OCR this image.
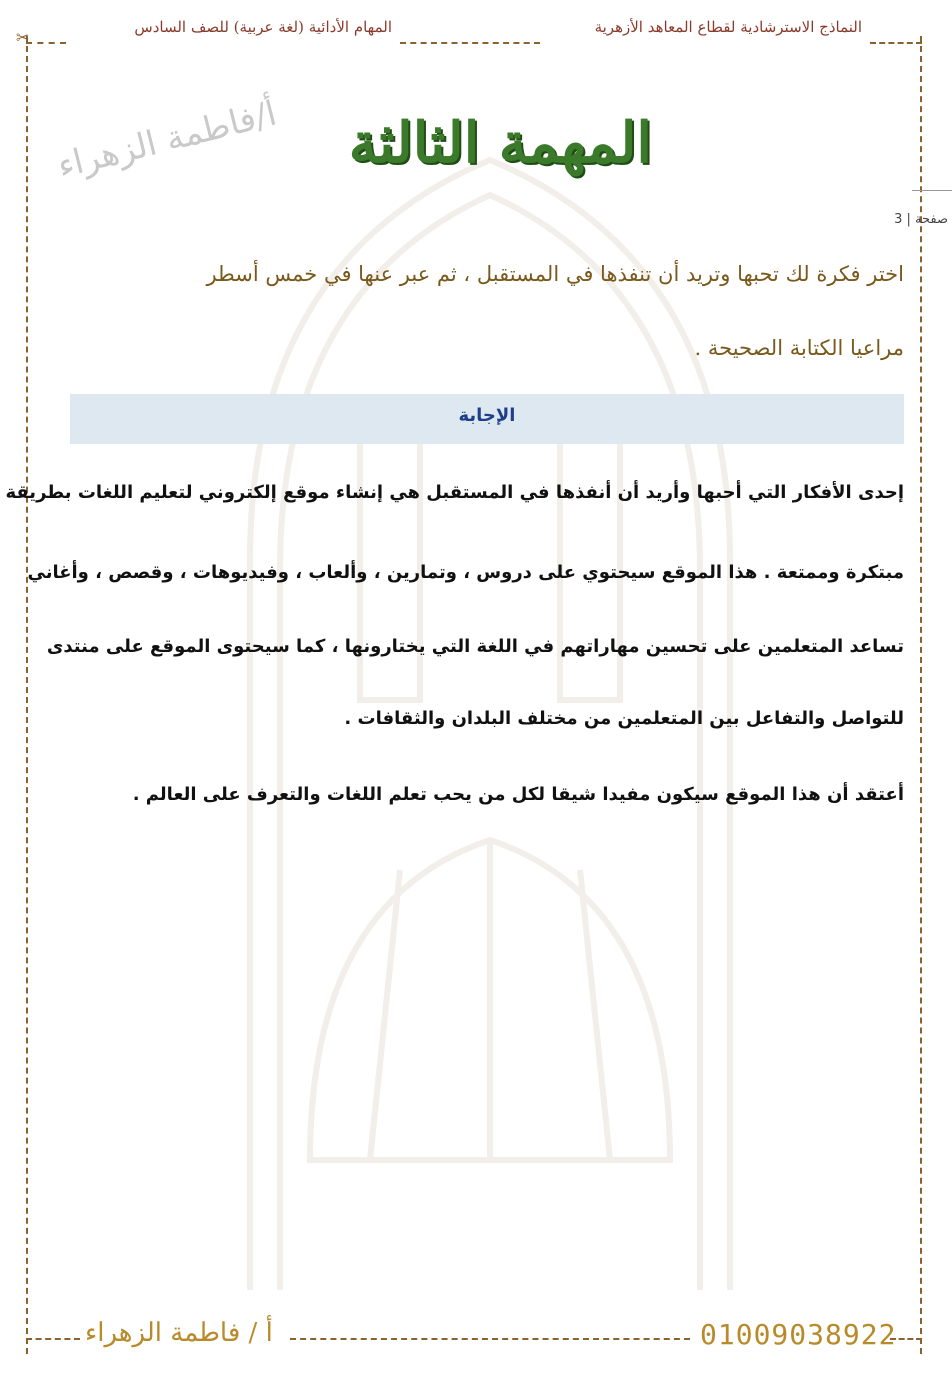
المهام الأدائية (لغة عربية) للصف السادس	النماذج الاسترشادية لقطاع المعاهد الأزهرية
✂
أ/فاطمة الزهراء المهمة الثالثة
صفحة | 3
اختر فكرة لك تحبها وتريد أن تنفذها في المستقبل ، ثم عبر عنها في خمس أسطر
مراعيا الكتابة الصحيحة .
الإجابة
إحدى الأفكار التي أحبها وأريد أن أنفذها في المستقبل هي إنشاء موقع إلكتروني لتعليم اللغات بطريقة
مبتكرة وممتعة . هذا الموقع سيحتوي على دروس ، وتمارين ، وألعاب ، وفيديوهات ، وقصص ، وأغاني
تساعد المتعلمين على تحسين مهاراتهم في اللغة التي يختارونها ، كما سيحتوى الموقع على منتدى
للتواصل والتفاعل بين المتعلمين من مختلف البلدان والثقافات .
أعتقد أن هذا الموقع سيكون مفيدا شيقا لكل من يحب تعلم اللغات والتعرف على العالم .
أ / فاطمة الزهراء	01009038922
